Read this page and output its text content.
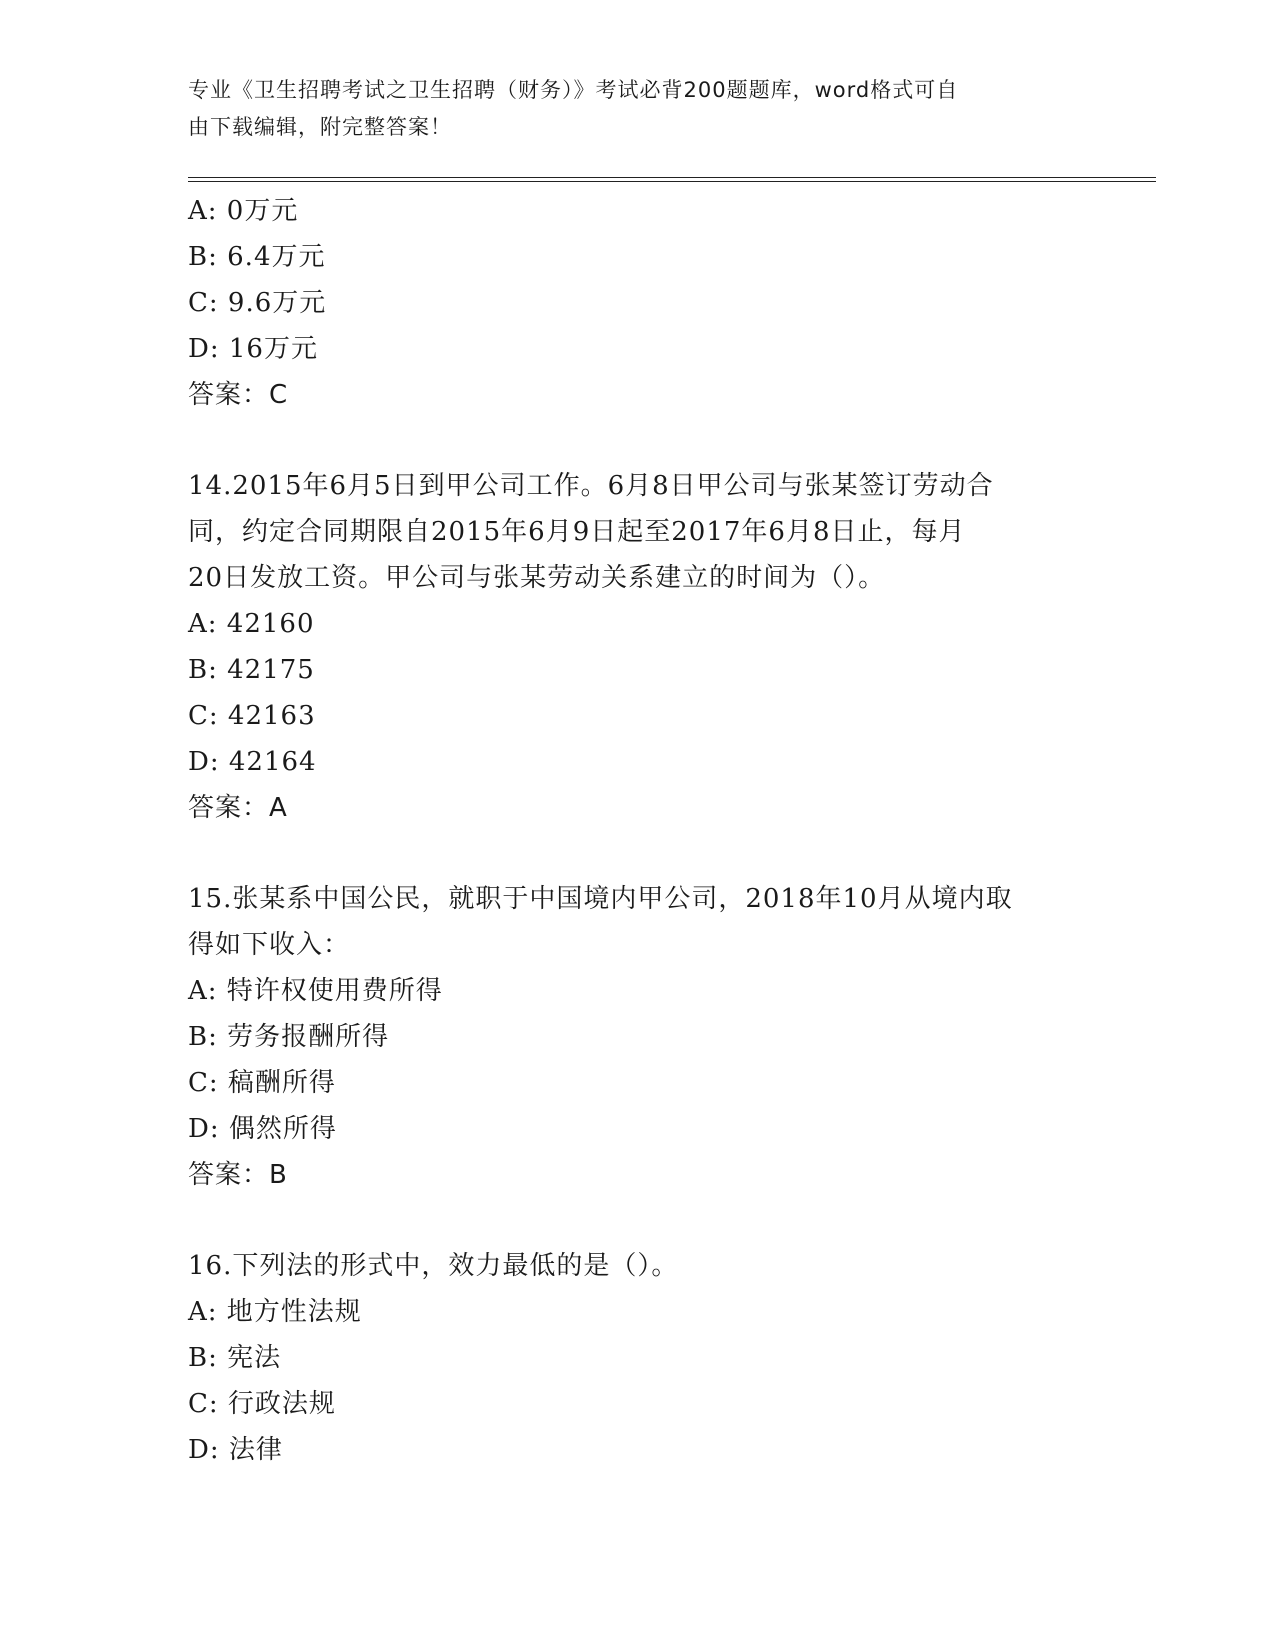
专业《卫生招聘考试之卫生招聘（财务）》考试必背200题题库，word格式可自
由下载编辑，附完整答案！
A: 0万元
B: 6.4万元
C: 9.6万元
D: 16万元
答案：C
14.2015年6月5日到甲公司工作。6月8日甲公司与张某签订劳动合
同，约定合同期限自2015年6月9日起至2017年6月8日止，每月
20日发放工资。甲公司与张某劳动关系建立的时间为（）。
A: 42160
B: 42175
C: 42163
D: 42164
答案：A
15.张某系中国公民，就职于中国境内甲公司，2018年10月从境内取
得如下收入：
A: 特许权使用费所得
B: 劳务报酬所得
C: 稿酬所得
D: 偶然所得
答案：B
16.下列法的形式中，效力最低的是（）。
A: 地方性法规
B: 宪法
C: 行政法规
D: 法律
